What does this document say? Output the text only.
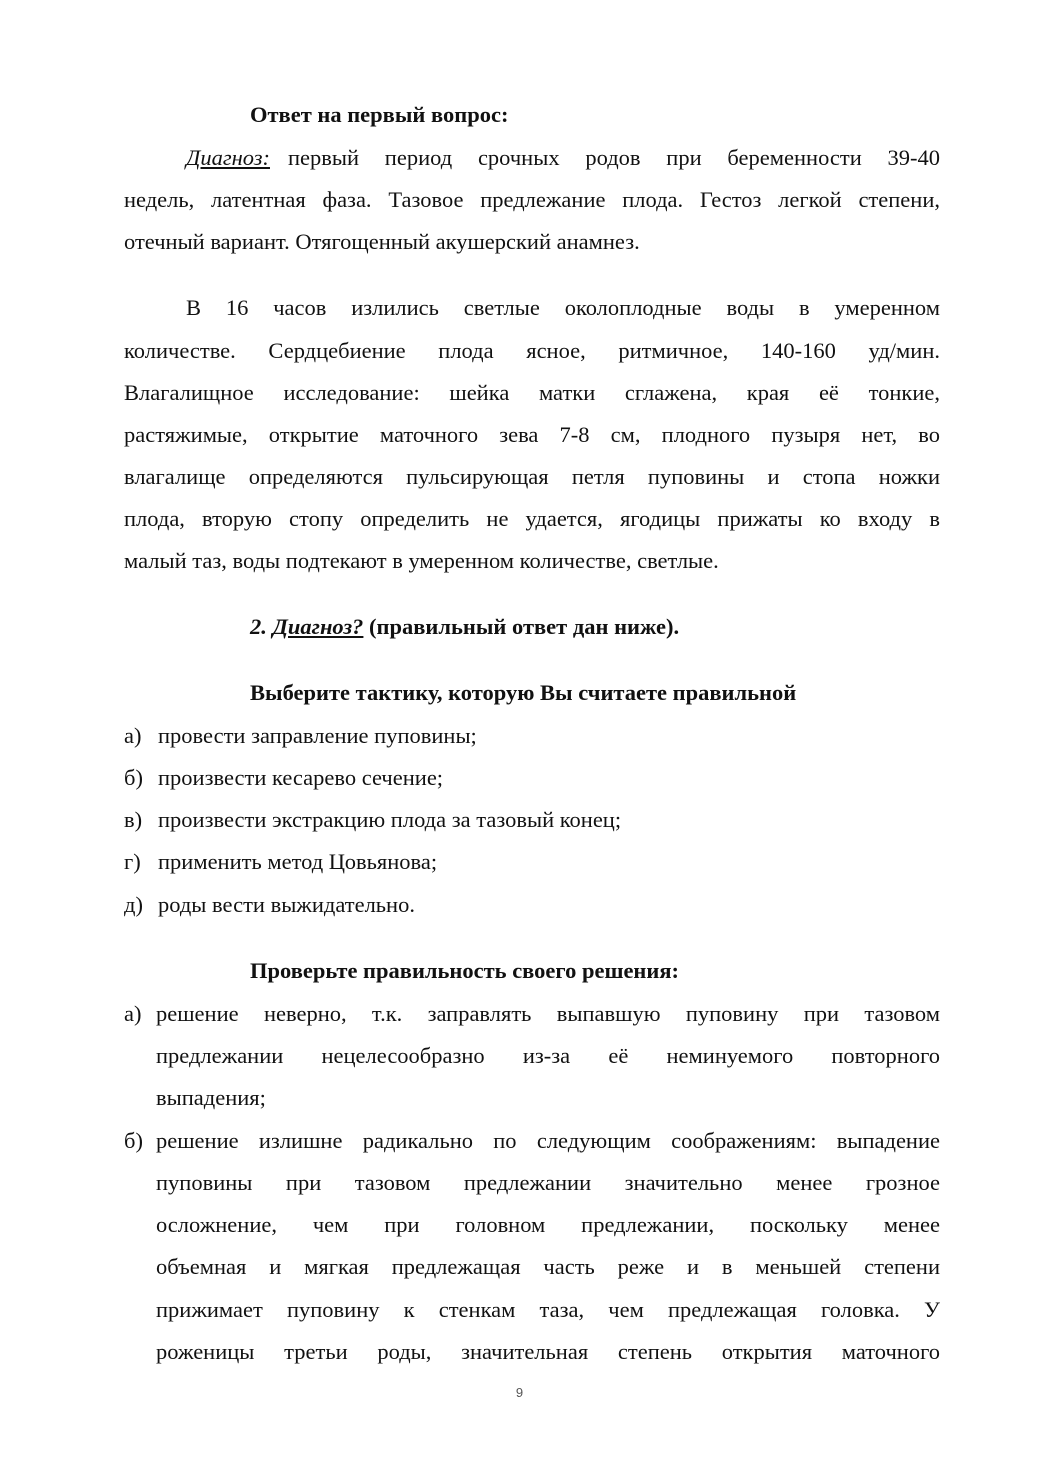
Ответ на первый вопрос:
Диагноз: первый период срочных родов при беременности 39-40
недель, латентная фаза. Тазовое предлежание плода. Гестоз легкой степени,
отечный вариант. Отягощенный акушерский анамнез.
В 16 часов излились светлые околоплодные воды в умеренном
количестве. Сердцебиение плода ясное, ритмичное, 140-160 уд/мин.
Влагалищное исследование: шейка матки сглажена, края её тонкие,
растяжимые, открытие маточного зева 7-8 см, плодного пузыря нет, во
влагалище определяются пульсирующая петля пуповины и стопа ножки
плода, вторую стопу определить не удается, ягодицы прижаты ко входу в
малый таз, воды подтекают в умеренном количестве, светлые.
2. Диагноз? (правильный ответ дан ниже).
Выберите тактику, которую Вы считаете правильной
а) провести заправление пуповины;
б) произвести кесарево сечение;
в) произвести экстракцию плода за тазовый конец;
г) применить метод Цовьянова;
д) роды вести выжидательно.
Проверьте правильность своего решения:
а) решение неверно, т.к. заправлять выпавшую пуповину при тазовом
предлежании нецелесообразно из-за её неминуемого повторного
выпадения;
б) решение излишне радикально по следующим соображениям: выпадение
пуповины при тазовом предлежании значительно менее грозное
осложнение, чем при головном предлежании, поскольку менее
объемная и мягкая предлежащая часть реже и в меньшей степени
прижимает пуповину к стенкам таза, чем предлежащая головка. У
роженицы третьи роды, значительная степень открытия маточного
9
